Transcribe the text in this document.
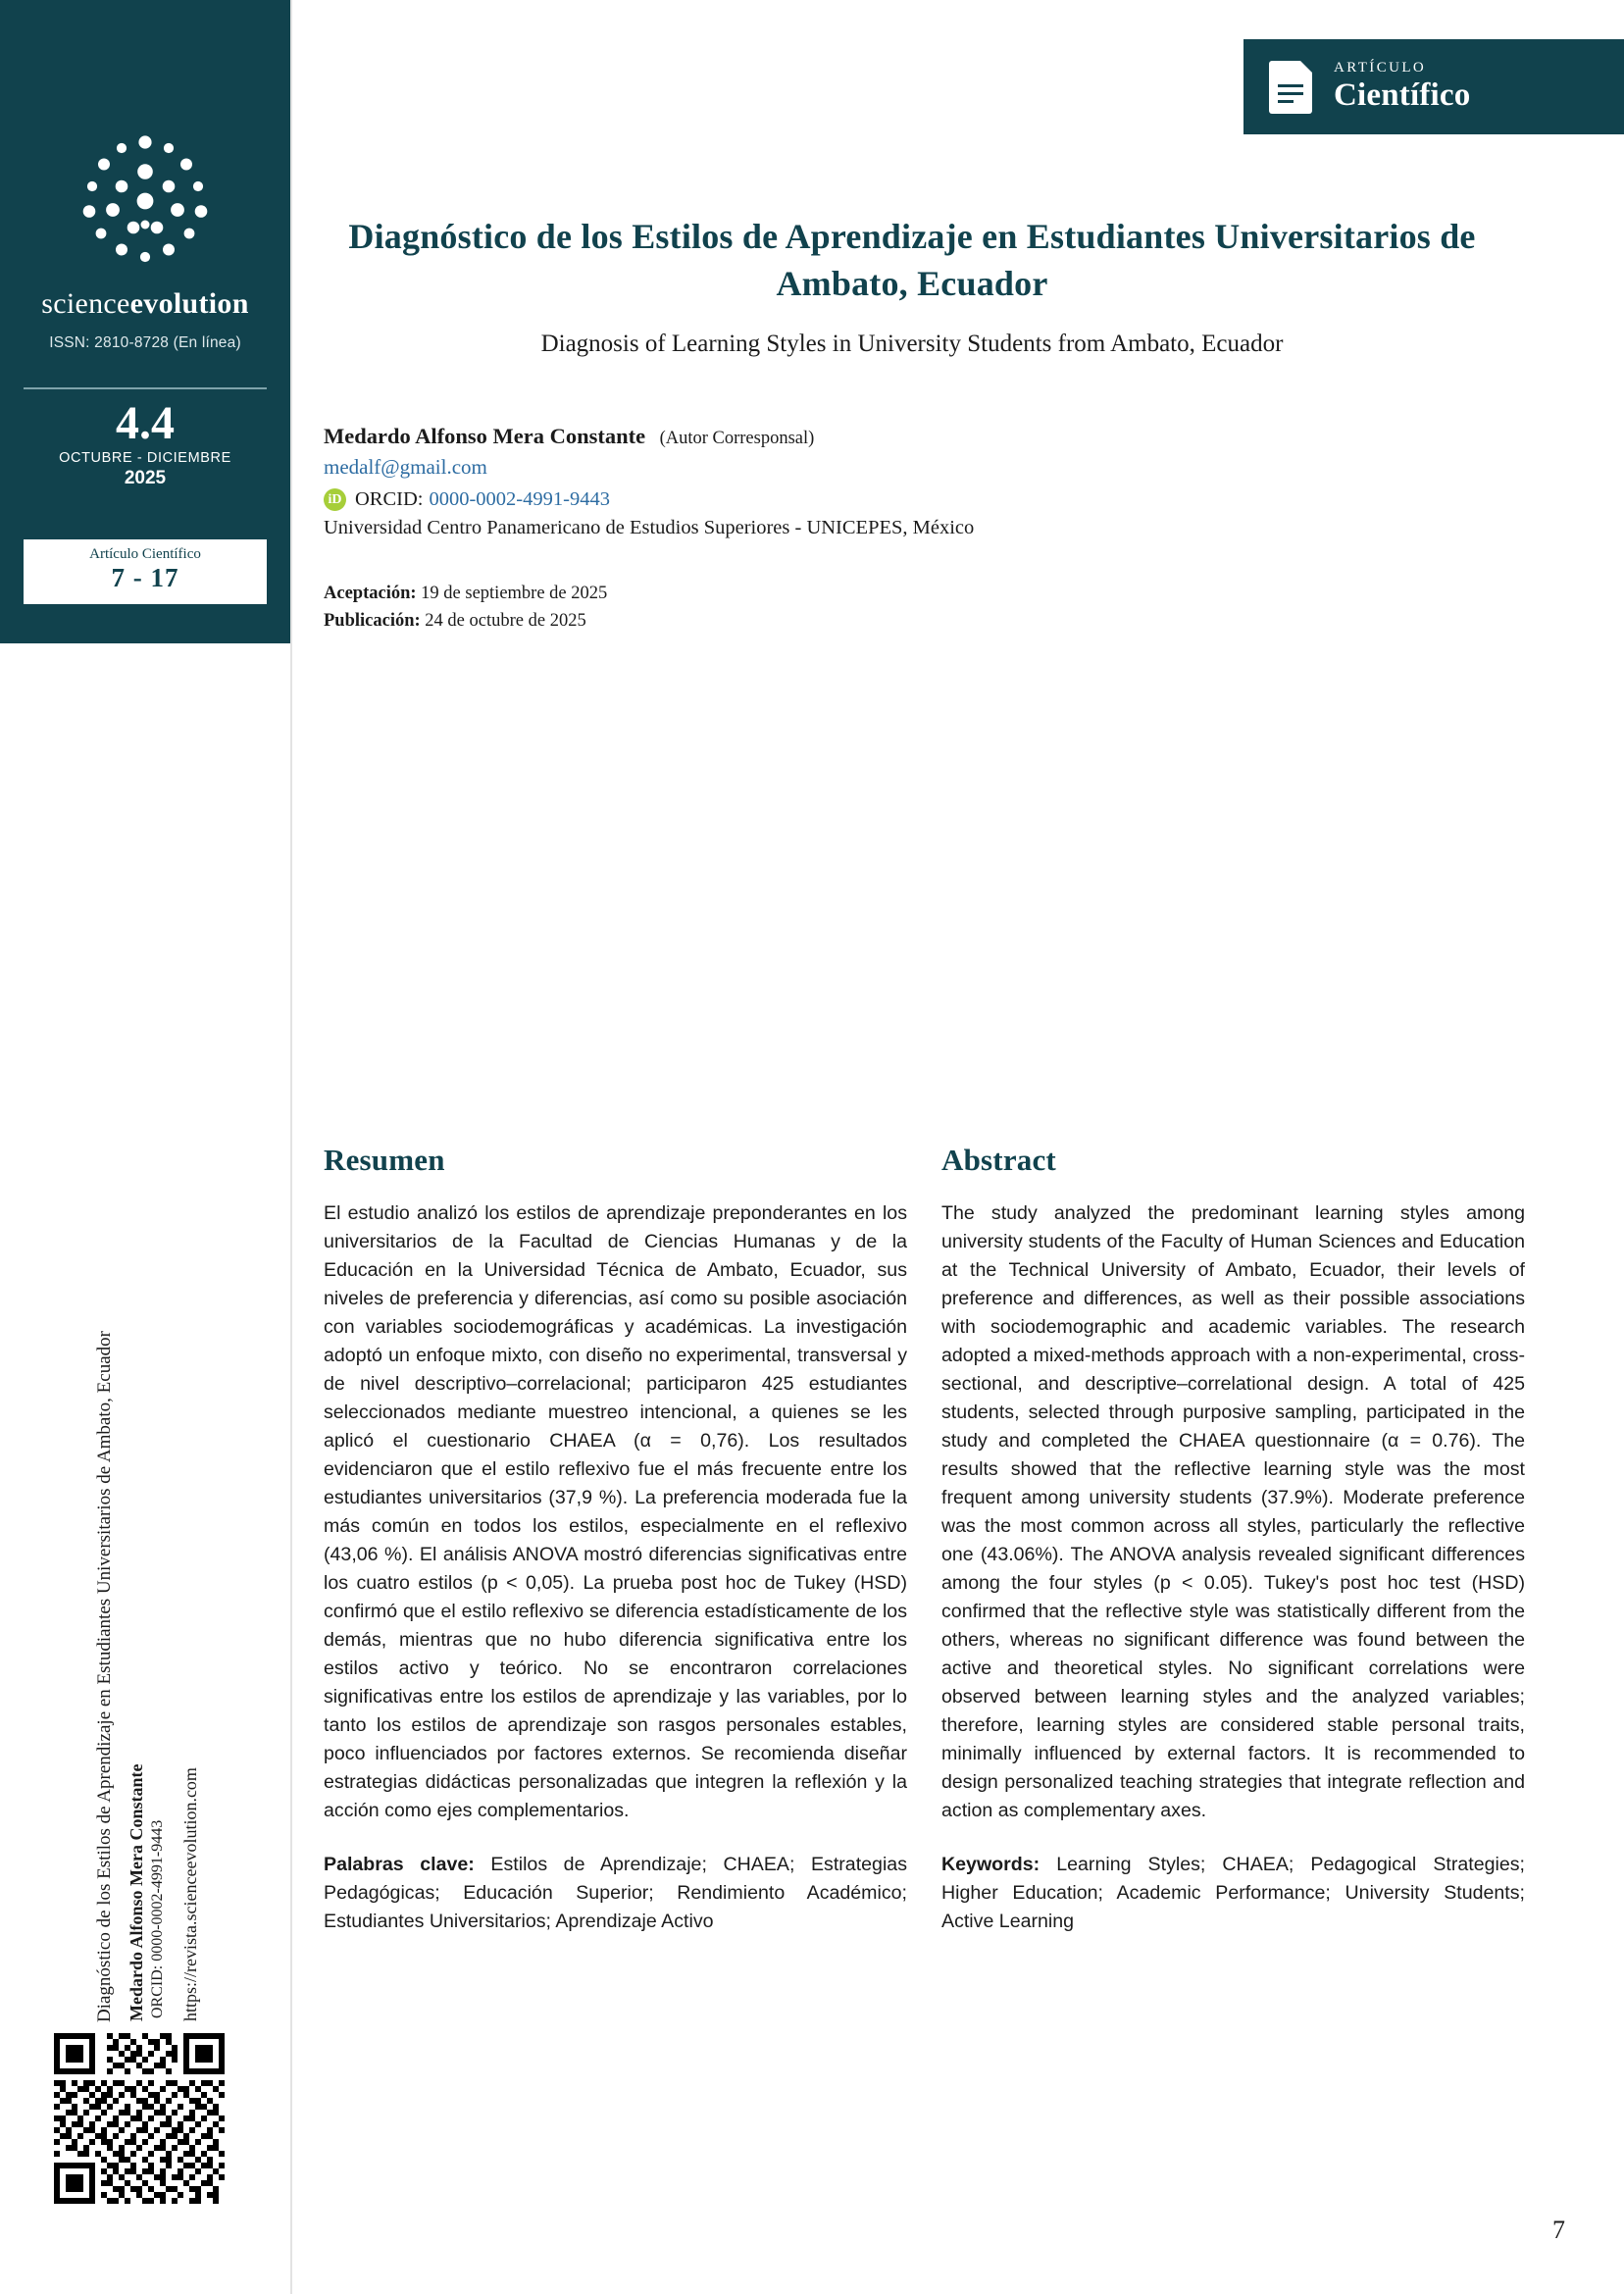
scienceevolution
ISSN: 2810-8728 (En línea)
4.4
OCTUBRE - DICIEMBRE
2025
Artículo Científico
7 - 17
Diagnóstico de los Estilos de Aprendizaje en Estudiantes Universitarios de Ambato, Ecuador Medardo Alfonso Mera Constante ORCID: 0000-0002-4991-9443 https://revista.scienceevolution.com
ARTÍCULO
Científico
Diagnóstico de los Estilos de Aprendizaje en Estudiantes Universitarios de Ambato, Ecuador
Diagnosis of Learning Styles in University Students from Ambato, Ecuador
Medardo Alfonso Mera Constante (Autor Corresponsal)
medalf@gmail.com
iD ORCID: 0000-0002-4991-9443
Universidad Centro Panamericano de Estudios Superiores - UNICEPES, México
Aceptación: 19 de septiembre de 2025
Publicación: 24 de octubre de 2025
Resumen

El estudio analizó los estilos de aprendizaje preponderantes en los universitarios de la Facultad de Ciencias Humanas y de la Educación en la Universidad Técnica de Ambato, Ecuador, sus niveles de preferencia y diferencias, así como su posible asociación con variables sociodemográficas y académicas. La investigación adoptó un enfoque mixto, con diseño no experimental, transversal y de nivel descriptivo–correlacional; participaron 425 estudiantes seleccionados mediante muestreo intencional, a quienes se les aplicó el cuestionario CHAEA (α = 0,76). Los resultados evidenciaron que el estilo reflexivo fue el más frecuente entre los estudiantes universitarios (37,9 %). La preferencia moderada fue la más común en todos los estilos, especialmente en el reflexivo (43,06 %). El análisis ANOVA mostró diferencias significativas entre los cuatro estilos (p < 0,05). La prueba post hoc de Tukey (HSD) confirmó que el estilo reflexivo se diferencia estadísticamente de los demás, mientras que no hubo diferencia significativa entre los estilos activo y teórico. No se encontraron correlaciones significativas entre los estilos de aprendizaje y las variables, por lo tanto los estilos de aprendizaje son rasgos personales estables, poco influenciados por factores externos. Se recomienda diseñar estrategias didácticas personalizadas que integren la reflexión y la acción como ejes complementarios.

Palabras clave: Estilos de Aprendizaje; CHAEA; Estrategias Pedagógicas; Educación Superior; Rendimiento Académico; Estudiantes Universitarios; Aprendizaje Activo
Abstract

The study analyzed the predominant learning styles among university students of the Faculty of Human Sciences and Education at the Technical University of Ambato, Ecuador, their levels of preference and differences, as well as their possible associations with sociodemographic and academic variables. The research adopted a mixed-methods approach with a non-experimental, cross-sectional, and descriptive–correlational design. A total of 425 students, selected through purposive sampling, participated in the study and completed the CHAEA questionnaire (α = 0.76). The results showed that the reflective learning style was the most frequent among university students (37.9%). Moderate preference was the most common across all styles, particularly the reflective one (43.06%). The ANOVA analysis revealed significant differences among the four styles (p < 0.05). Tukey's post hoc test (HSD) confirmed that the reflective style was statistically different from the others, whereas no significant difference was found between the active and theoretical styles. No significant correlations were observed between learning styles and the analyzed variables; therefore, learning styles are considered stable personal traits, minimally influenced by external factors. It is recommended to design personalized teaching strategies that integrate reflection and action as complementary axes.

Keywords: Learning Styles; CHAEA; Pedagogical Strategies; Higher Education; Academic Performance; University Students; Active Learning
7
